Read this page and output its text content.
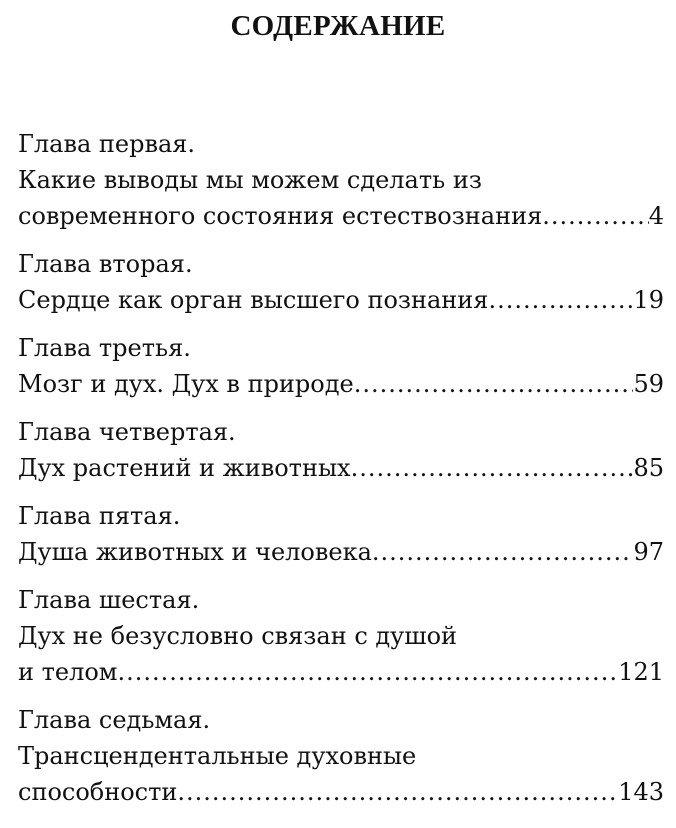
СОДЕРЖАНИЕ
Глава первая.
Какие выводы мы можем сделать из
современного состояния естествознания .....	4
Глава вторая.
Сердце как орган высшего познания .....	19
Глава третья.
Мозг и дух. Дух в природе .....	59
Глава четвертая.
Дух растений и животных .....	85
Глава пятая.
Душа животных и человека .....	97
Глава шестая.
Дух не безусловно связан с душой
и телом .....	121
Глава седьмая.
Трансцендентальные духовные
способности .....	143
